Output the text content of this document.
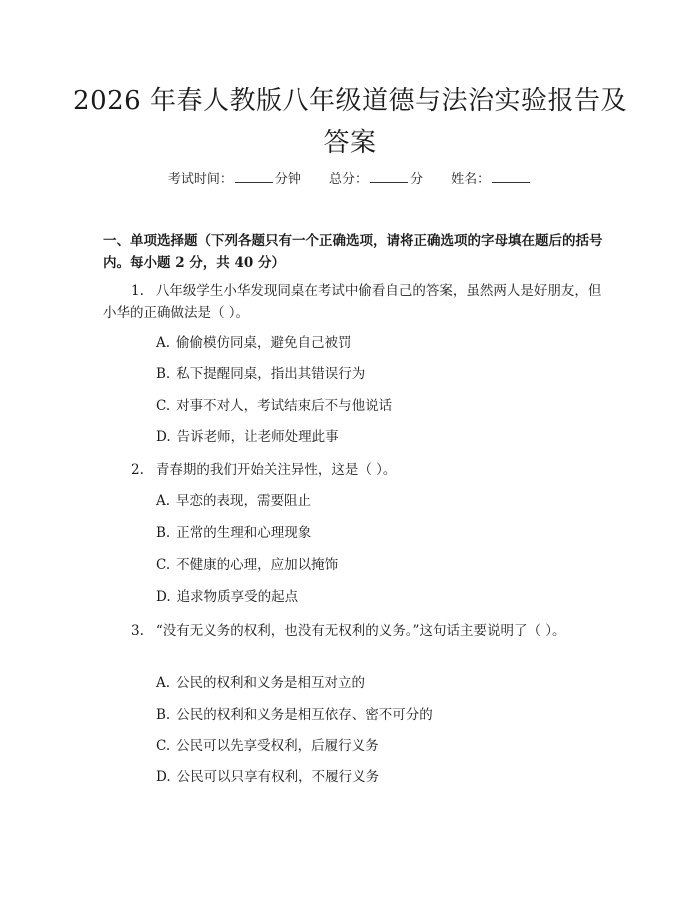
2026 年春人教版八年级道德与法治实验报告及答案
考试时间：	分钟 总分：	分 姓名：

一、单项选择题（下列各题只有一个正确选项，请将正确选项的字母填在题后的括号内。每小题 2 分，共 40 分）

1. 八年级学生小华发现同桌在考试中偷看自己的答案，虽然两人是好朋友，但小华的正确做法是（ ）。

A. 偷偷模仿同桌，避免自己被罚

B. 私下提醒同桌，指出其错误行为

C. 对事不对人，考试结束后不与他说话

D. 告诉老师，让老师处理此事

2. 青春期的我们开始关注异性，这是（ ）。

A. 早恋的表现，需要阻止

B. 正常的生理和心理现象

C. 不健康的心理，应加以掩饰

D. 追求物质享受的起点

3. “没有无义务的权利，也没有无权利的义务。”这句话主要说明了（ ）。

A. 公民的权利和义务是相互对立的

B. 公民的权利和义务是相互依存、密不可分的

C. 公民可以先享受权利，后履行义务

D. 公民可以只享有权利，不履行义务
